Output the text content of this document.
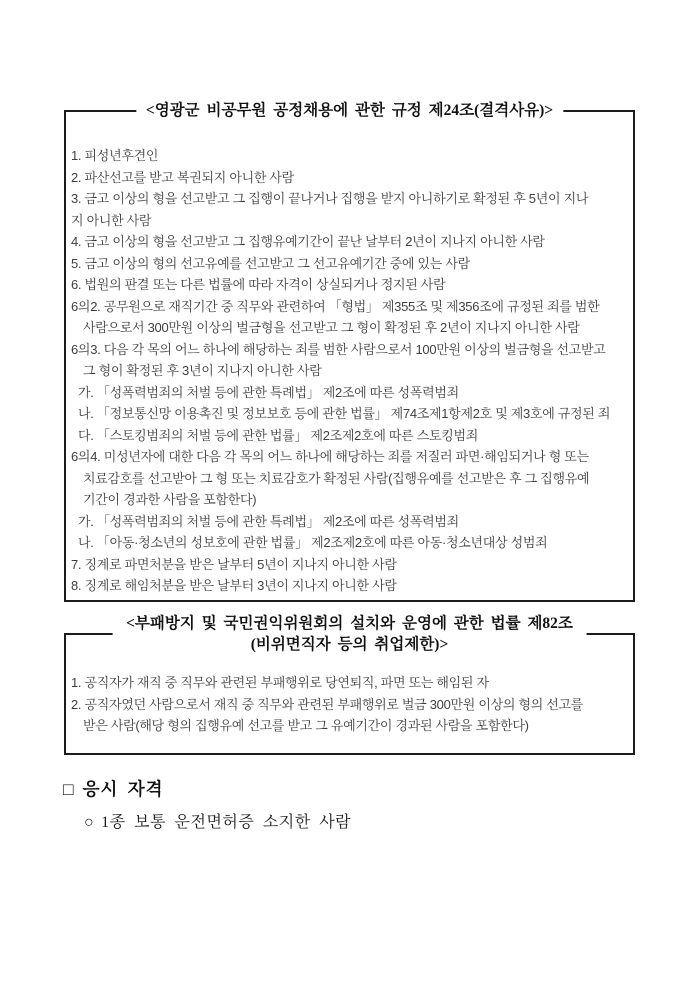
<영광군 비공무원 공정채용에 관한 규정 제24조(결격사유)>
1. 피성년후견인
2. 파산선고를 받고 복권되지 아니한 사람
3. 금고 이상의 형을 선고받고 그 집행이 끝나거나 집행을 받지 아니하기로 확정된 후 5년이 지나
지 아니한 사람
4. 금고 이상의 형을 선고받고 그 집행유예기간이 끝난 날부터 2년이 지나지 아니한 사람
5. 금고 이상의 형의 선고유예를 선고받고 그 선고유예기간 중에 있는 사람
6. 법원의 판결 또는 다른 법률에 따라 자격이 상실되거나 정지된 사람
6의2. 공무원으로 재직기간 중 직무와 관련하여 「형법」 제355조 및 제356조에 규정된 죄를 범한
사람으로서 300만원 이상의 벌금형을 선고받고 그 형이 확정된 후 2년이 지나지 아니한 사람
6의3. 다음 각 목의 어느 하나에 해당하는 죄를 범한 사람으로서 100만원 이상의 벌금형을 선고받고
그 형이 확정된 후 3년이 지나지 아니한 사람
가. 「성폭력범죄의 처벌 등에 관한 특례법」 제2조에 따른 성폭력범죄
나. 「정보통신망 이용촉진 및 정보보호 등에 관한 법률」 제74조제1항제2호 및 제3호에 규정된 죄
다. 「스토킹범죄의 처벌 등에 관한 법률」 제2조제2호에 따른 스토킹범죄
6의4. 미성년자에 대한 다음 각 목의 어느 하나에 해당하는 죄를 저질러 파면·해임되거나 형 또는
치료감호를 선고받아 그 형 또는 치료감호가 확정된 사람(집행유예를 선고받은 후 그 집행유예
기간이 경과한 사람을 포함한다)
가. 「성폭력범죄의 처벌 등에 관한 특례법」 제2조에 따른 성폭력범죄
나. 「아동·청소년의 성보호에 관한 법률」 제2조제2호에 따른 아동·청소년대상 성범죄
7. 징계로 파면처분을 받은 날부터 5년이 지나지 아니한 사람
8. 징계로 해임처분을 받은 날부터 3년이 지나지 아니한 사람
<부패방지 및 국민권익위원회의 설치와 운영에 관한 법률 제82조
(비위면직자 등의 취업제한)>
1. 공직자가 재직 중 직무와 관련된 부패행위로 당연퇴직, 파면 또는 해임된 자
2. 공직자였던 사람으로서 재직 중 직무와 관련된 부패행위로 벌금 300만원 이상의 형의 선고를
받은 사람(해당 형의 집행유예 선고를 받고 그 유예기간이 경과된 사람을 포함한다)
□ 응시 자격
○ 1종 보통 운전면허증 소지한 사람
